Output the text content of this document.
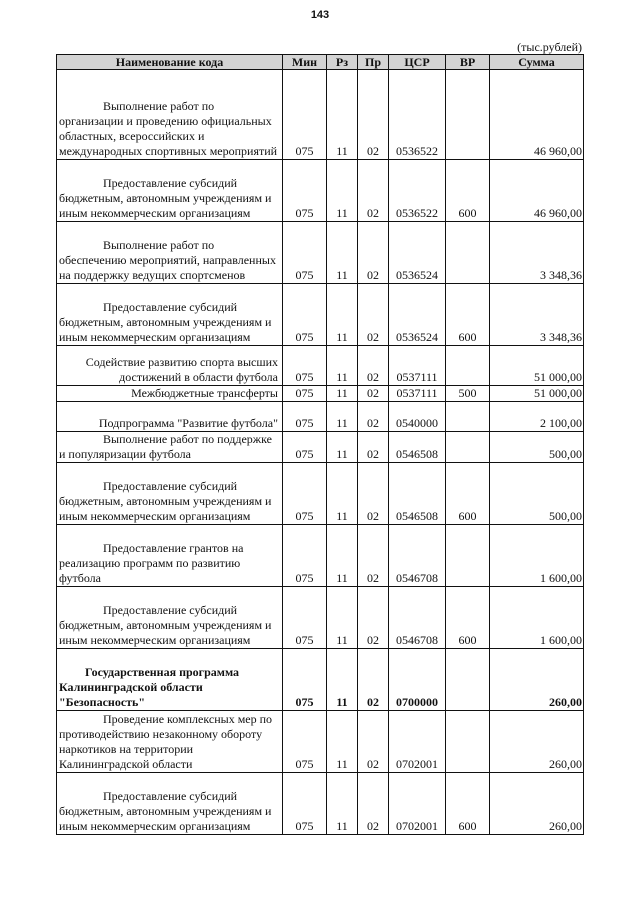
143
(тыс.рублей)
Наименование кода	Мин	Рз	Пр	ЦСР	ВР	Сумма

Выполнение работ по организации и проведению официальных областных, всероссийских и международных спортивных мероприятий	075	11	02	0536522		46 960,00

Предоставление субсидий бюджетным, автономным учреждениям и иным некоммерческим организациям	075	11	02	0536522	600	46 960,00

Выполнение работ по обеспечению мероприятий, направленных на поддержку ведущих спортсменов	075	11	02	0536524		3 348,36

Предоставление субсидий бюджетным, автономным учреждениям и иным некоммерческим организациям	075	11	02	0536524	600	3 348,36

Содействие развитию спорта высших достижений в области футбола	075	11	02	0537111		51 000,00

Межбюджетные трансферты	075	11	02	0537111	500	51 000,00

Подпрограмма "Развитие футбола"	075	11	02	0540000		2 100,00

Выполнение работ по поддержке и популяризации футбола	075	11	02	0546508		500,00

Предоставление субсидий бюджетным, автономным учреждениям и иным некоммерческим организациям	075	11	02	0546508	600	500,00

Предоставление грантов на реализацию программ по развитию футбола	075	11	02	0546708		1 600,00

Предоставление субсидий бюджетным, автономным учреждениям и иным некоммерческим организациям	075	11	02	0546708	600	1 600,00

Государственная программа Калининградской области "Безопасность"	075	11	02	0700000		260,00

Проведение комплексных мер по противодействию незаконному обороту наркотиков на территории Калининградской области	075	11	02	0702001		260,00

Предоставление субсидий бюджетным, автономным учреждениям и иным некоммерческим организациям	075	11	02	0702001	600	260,00
